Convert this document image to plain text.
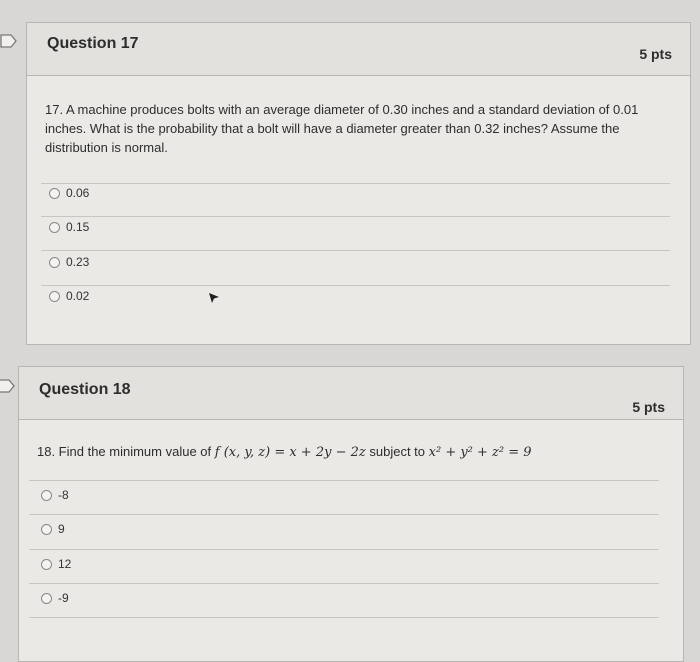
Question 17
5 pts
17. A machine produces bolts with an average diameter of 0.30 inches and a standard deviation of 0.01 inches. What is the probability that a bolt will have a diameter greater than 0.32 inches? Assume the distribution is normal.
0.06
0.15
0.23
0.02
Question 18
5 pts
18. Find the minimum value of f (x, y, z) = x + 2y − 2z subject to x² + y² + z² = 9
-8
9
12
-9
